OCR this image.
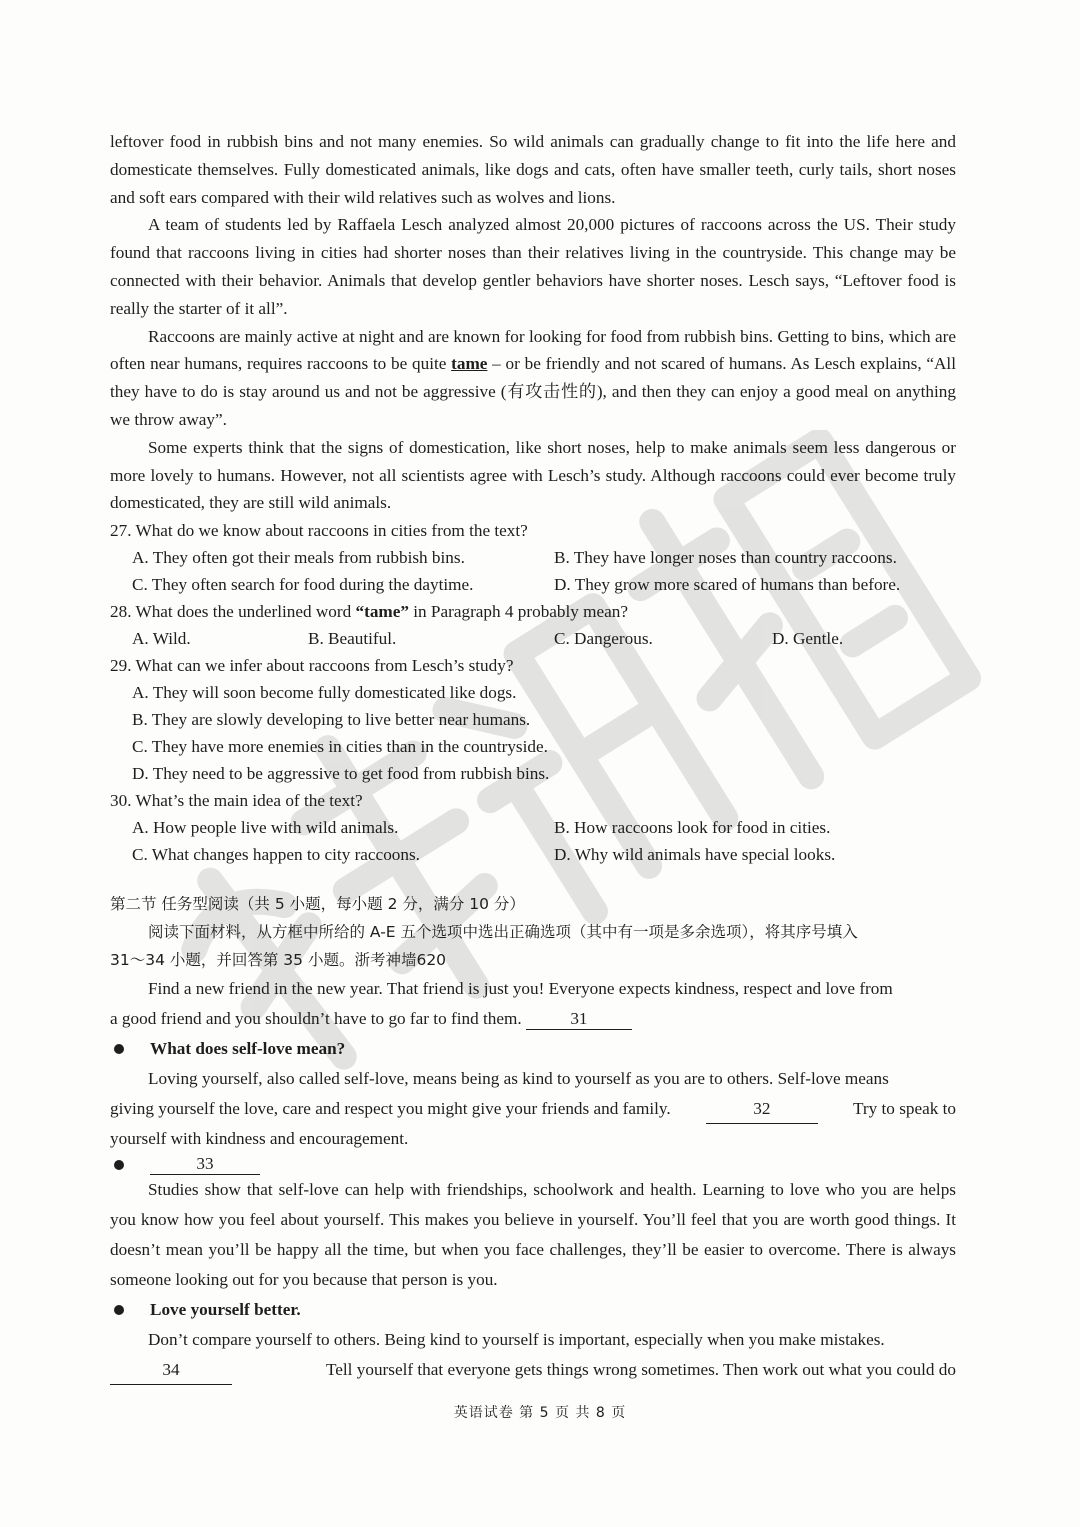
leftover food in rubbish bins and not many enemies. So wild animals can gradually change to fit into the life here and domesticate themselves. Fully domesticated animals, like dogs and cats, often have smaller teeth, curly tails, short noses and soft ears compared with their wild relatives such as wolves and lions.

A team of students led by Raffaela Lesch analyzed almost 20,000 pictures of raccoons across the US. Their study found that raccoons living in cities had shorter noses than their relatives living in the countryside. This change may be connected with their behavior. Animals that develop gentler behaviors have shorter noses. Lesch says, “Leftover food is really the starter of it all”.

Raccoons are mainly active at night and are known for looking for food from rubbish bins. Getting to bins, which are often near humans, requires raccoons to be quite tame – or be friendly and not scared of humans. As Lesch explains, “All they have to do is stay around us and not be aggressive (有攻击性的), and then they can enjoy a good meal on anything we throw away”.

Some experts think that the signs of domestication, like short noses, help to make animals seem less dangerous or more lovely to humans. However, not all scientists agree with Lesch’s study. Although raccoons could ever become truly domesticated, they are still wild animals.

27. What do we know about raccoons in cities from the text?

A. They often got their meals from rubbish bins.	B. They have longer noses than country raccoons.
C. They often search for food during the daytime.	D. They grow more scared of humans than before.

28. What does the underlined word “tame” in Paragraph 4 probably mean?

A. Wild.	B. Beautiful.	C. Dangerous.	D. Gentle.

29. What can we infer about raccoons from Lesch’s study?

A. They will soon become fully domesticated like dogs.

B. They are slowly developing to live better near humans.

C. They have more enemies in cities than in the countryside.

D. They need to be aggressive to get food from rubbish bins.

30. What’s the main idea of the text?

A. How people live with wild animals.	B. How raccoons look for food in cities.
C. What changes happen to city raccoons.	D. Why wild animals have special looks.

第二节 任务型阅读（共 5 小题，每小题 2 分，满分 10 分）

阅读下面材料，从方框中所给的 A-E 五个选项中选出正确选项（其中有一项是多余选项），将其序号填入

31～34 小题，并回答第 35 小题。浙考神墙620

Find a new friend in the new year. That friend is just you! Everyone expects kindness, respect and love from

a good friend and you shouldn’t have to go far to find them.	31

What does self-love mean?

Loving yourself, also called self-love, means being as kind to yourself as you are to others. Self-love means

giving yourself the love, care and respect you might give your friends and family.	32	Try to speak to

yourself with kindness and encouragement.

33

Studies show that self-love can help with friendships, schoolwork and health. Learning to love who you are helps you know how you feel about yourself. This makes you believe in yourself. You’ll feel that you are worth good things. It doesn’t mean you’ll be happy all the time, but when you face challenges, they’ll be easier to overcome. There is always someone looking out for you because that person is you.

Love yourself better.

Don’t compare yourself to others. Being kind to yourself is important, especially when you make mistakes.

34	Tell yourself that everyone gets things wrong sometimes. Then work out what you could do

英语试卷 第 5 页 共 8 页
